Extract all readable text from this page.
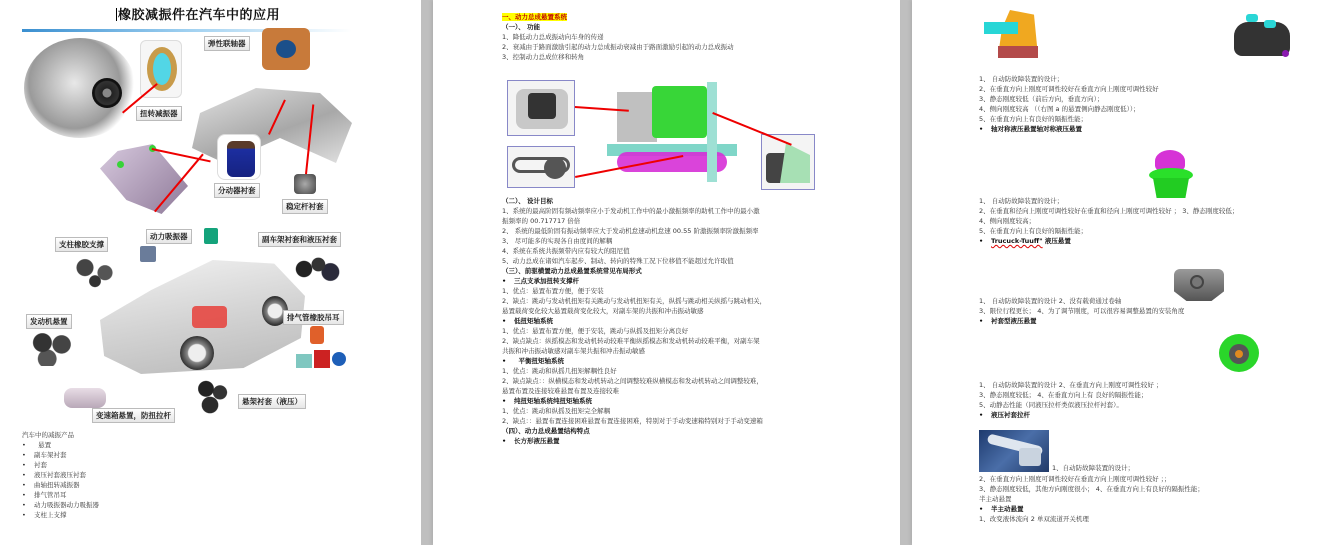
橡胶减振件在汽车中的应用
扭转减振器
弹性联轴器
分动器衬套
稳定杆衬套
支柱橡胶支撑
动力吸振器	副车架衬套和液压衬套
发动机悬置	排气管橡胶吊耳
悬架衬套（液压）
变速箱悬置，防扭拉杆
汽车中的减振产品
• 悬置
• 副车架衬套
• 衬套
• 液压衬套液压衬套
• 曲轴扭转减振器
• 排气管吊耳
• 动力吸振器动力吸振器
• 支柱上支撑
一、动力总成悬置系统
（一）、 功能
1、降低动力总成振动向车身的传递
2、衰减由于路面激励引起的动力总成振动衰减由于路面激励引起的动力总成振动
3、控制动力总成位移和转角
（二）、 设计目标
1、系统的最高阶固有频动频率应小于发动机工作中的最小激振频率的助机工作中的最小激
振频率的 00.717717 倍倍
2、 系统的最低阶固有振动频率应大于发动机怠速动机怠速 00.55 阶激振频率阶激振频率
3、 尽可能多的实现各自由度间的解耦
4、系统在系统共振频带内应有较大的阻尼值
5、动力总成在诸如汽车起步、制动、转向的特殊工况下位移值不能超过允许取值
（三）、前驱横置动力总成悬置系统常见布局形式
• 三点支承加扭转支撑杆
1、优点：悬置布置方便，便于安装
2、缺点：跳动与发动机扭矩有关跳动与发动机扭矩有关，纵摇与跳动相关纵摇与跳动相关，
悬置载荷变化较大悬置载荷变化较大，对副车架的共振和冲击振动敏感
• 低扭矩轴系统
1、优点：悬置布置方便，便于安装，跳动与纵摇及扭矩分离良好
2、缺点缺点：纵摇模态和发动机转动较难平衡纵摇模态和发动机转动较难平衡，对副车架
共振和冲击振动敏感对副车架共振和冲击振动敏感
• 平衡扭矩轴系统
1、优点：跳动和纵摇几扭矩解耦性良好
2、缺点缺点：：纵横模态和发动机转动之间调整较难纵横模态和发动机转动之间调整较难，
悬置布置及连接较难悬置布置及连接较难
• 纯扭矩轴系统纯扭矩轴系统
1、优点：跳动和纵摇及扭矩完全解耦
2、缺点：：悬置布置连接困难悬置布置连接困难，特别对于手动变速箱特别对于手动变速箱
（四）、动力总成悬置结构特点
• 长方形液压悬置
1、 自动防故障装置的设计；
2、在垂直方向上刚度可调性较好在垂直方向上刚度可调性较好
3、静态刚度较低（前后方向，垂直方向）；
4、侧向刚度较高 （（右图 a 的悬置侧向静态刚度低））；
5、在垂直方向上有良好的隔振性能；
• 轴对称液压悬置轴对称液压悬置
1、 自动防故障装置的设计；
2、在垂直和径向上刚度可调性较好在垂直和径向上刚度可调性较好 ； 3、静态刚度较低；
4、侧向刚度较高；
5、在垂直方向上有良好的隔振性能；
• Trucuck-Tuuff" 液压悬置
1、 自动防故障装置的设计 2、没有载荷通过卷轴
3、限位行程更长； 4、为了调节刚度，可以很容易调整悬置的安装角度
• 衬套型液压悬置
1、 自动防故障装置的设计 2、在垂直方向上刚度可调性较好 ；
3、静态刚度较低； 4、在垂直方向上有 良好的隔振性能；
5、动静态性能（同液压拉杆类似液压拉杆衬套）。
• 液压衬套拉杆
1、自动防故障装置的设计；
2、在垂直方向上刚度可调性较好在垂直方向上刚度可调性较好 ；；
3、静态刚度较低，其他方向刚度很小； 4、在垂直方向上有良好的隔振性能；
半主动悬置
• 半主动悬置
1、改变液体流向 2 单双流道开关机理
